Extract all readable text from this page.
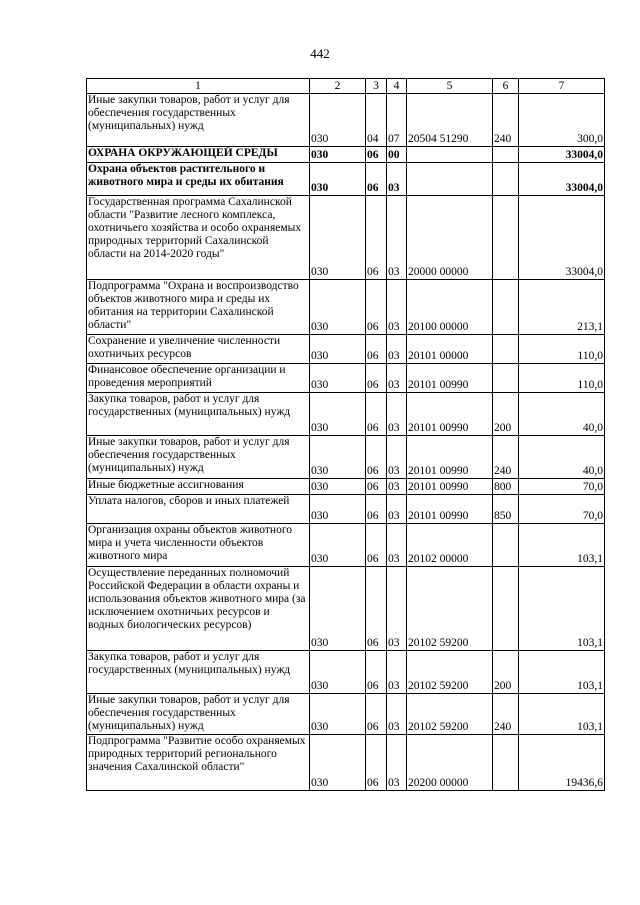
442
1	2	3	4	5	6	7
Иные закупки товаров, работ и услуг для обеспечения государственных (муниципальных) нужд	030	04	07	20504 51290	240	300,0
ОХРАНА ОКРУЖАЮЩЕЙ СРЕДЫ	030	06	00			33004,0
Охрана объектов растительного и животного мира и среды их обитания	030	06	03			33004,0
Государственная программа Сахалинской области "Развитие лесного комплекса, охотничьего хозяйства и особо охраняемых природных территорий Сахалинской области на 2014-2020 годы"	030	06	03	20000 00000		33004,0
Подпрограмма "Охрана и воспроизводство объектов животного мира и среды их обитания на территории Сахалинской области"	030	06	03	20100 00000		213,1
Сохранение и увеличение численности охотничьих ресурсов	030	06	03	20101 00000		110,0
Финансовое обеспечение организации и проведения мероприятий	030	06	03	20101 00990		110,0
Закупка товаров, работ и услуг для государственных (муниципальных) нужд	030	06	03	20101 00990	200	40,0
Иные закупки товаров, работ и услуг для обеспечения государственных (муниципальных) нужд	030	06	03	20101 00990	240	40,0
Иные бюджетные ассигнования	030	06	03	20101 00990	800	70,0
Уплата налогов, сборов и иных платежей	030	06	03	20101 00990	850	70,0
Организация охраны объектов животного мира и учета численности объектов животного мира	030	06	03	20102 00000		103,1
Осуществление переданных полномочий Российской Федерации в области охраны и использования объектов животного мира (за исключением охотничьих ресурсов и водных биологических ресурсов)	030	06	03	20102 59200		103,1
Закупка товаров, работ и услуг для государственных (муниципальных) нужд	030	06	03	20102 59200	200	103,1
Иные закупки товаров, работ и услуг для обеспечения государственных (муниципальных) нужд	030	06	03	20102 59200	240	103,1
Подпрограмма "Развитие особо охраняемых природных территорий регионального значения Сахалинской области"	030	06	03	20200 00000		19436,6
